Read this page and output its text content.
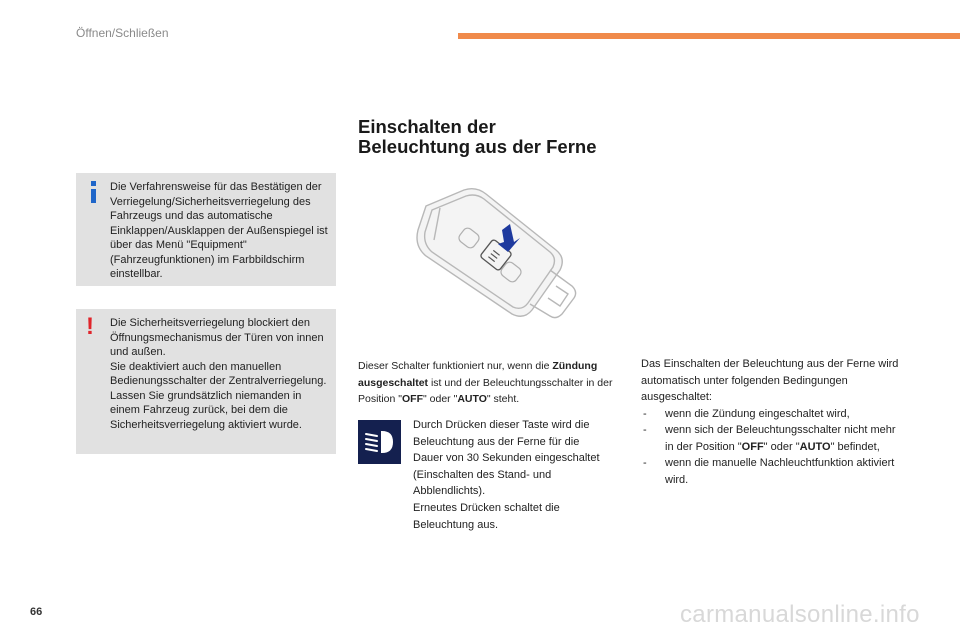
Öffnen/Schließen
Die Verfahrensweise für das Bestätigen der Verriegelung/Sicherheitsverriegelung des Fahrzeugs und das automatische Einklappen/Ausklappen der Außenspiegel ist über das Menü "Equipment" (Fahrzeugfunktionen) im Farbbildschirm einstellbar.
! Die Sicherheitsverriegelung blockiert den Öffnungsmechanismus der Türen von innen und außen.
Sie deaktiviert auch den manuellen Bedienungsschalter der Zentralverriegelung.
Lassen Sie grundsätzlich niemanden in einem Fahrzeug zurück, bei dem die Sicherheitsverriegelung aktiviert wurde.
Einschalten der
Beleuchtung aus der Ferne
Dieser Schalter funktioniert nur, wenn die Zündung ausgeschaltet ist und der Beleuchtungsschalter in der Position "OFF" oder "AUTO" steht.
Durch Drücken dieser Taste wird die Beleuchtung aus der Ferne für die Dauer von 30 Sekunden eingeschaltet (Einschalten des Stand- und Abblendlichts).
Erneutes Drücken schaltet die Beleuchtung aus.
Das Einschalten der Beleuchtung aus der Ferne wird automatisch unter folgenden Bedingungen ausgeschaltet:
- wenn die Zündung eingeschaltet wird,
- wenn sich der Beleuchtungsschalter nicht mehr in der Position "OFF" oder "AUTO" befindet,
- wenn die manuelle Nachleuchtfunktion aktiviert wird.
66	carmanualsonline.info
